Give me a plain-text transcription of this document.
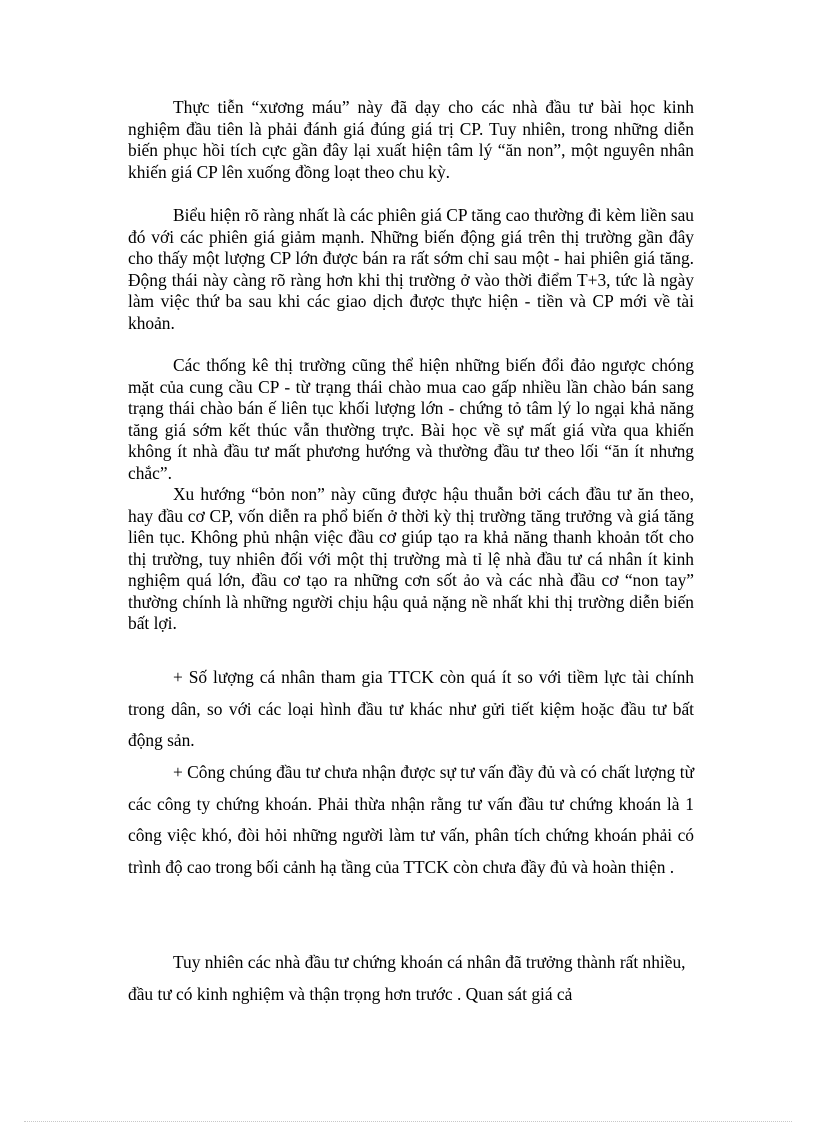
Thực tiễn “xương máu” này đã dạy cho các nhà đầu tư bài học kinh nghiệm đầu tiên là phải đánh giá đúng giá trị CP. Tuy nhiên, trong những diễn biến phục hồi tích cực gần đây lại xuất hiện tâm lý “ăn non”, một nguyên nhân khiến giá CP lên xuống đồng loạt theo chu kỳ.

Biểu hiện rõ ràng nhất là các phiên giá CP tăng cao thường đi kèm liền sau đó với các phiên giá giảm mạnh. Những biến động giá trên thị trường gần đây cho thấy một lượng CP lớn được bán ra rất sớm chỉ sau một - hai phiên giá tăng. Động thái này càng rõ ràng hơn khi thị trường ở vào thời điểm T+3, tức là ngày làm việc thứ ba sau khi các giao dịch được thực hiện - tiền và CP mới về tài khoản.

Các thống kê thị trường cũng thể hiện những biến đổi đảo ngược chóng mặt của cung cầu CP - từ trạng thái chào mua cao gấp nhiều lần chào bán sang trạng thái chào bán ế liên tục khối lượng lớn - chứng tỏ tâm lý lo ngại khả năng tăng giá sớm kết thúc vẫn thường trực. Bài học về sự mất giá vừa qua khiến không ít nhà đầu tư mất phương hướng và thường đầu tư theo lối “ăn ít nhưng chắc”.

Xu hướng “bỏn non” này cũng được hậu thuẫn bởi cách đầu tư ăn theo, hay đầu cơ CP, vốn diễn ra phổ biến ở thời kỳ thị trường tăng trưởng và giá tăng liên tục. Không phủ nhận việc đầu cơ giúp tạo ra khả năng thanh khoản tốt cho thị trường, tuy nhiên đối với một thị trường mà tỉ lệ nhà đầu tư cá nhân ít kinh nghiệm quá lớn, đầu cơ tạo ra những cơn sốt ảo và các nhà đầu cơ “non tay” thường chính là những người chịu hậu quả nặng nề nhất khi thị trường diễn biến bất lợi.

+ Số lượng cá nhân tham gia TTCK còn quá ít so với tiềm lực tài chính trong dân, so với các loại hình đầu tư khác như gửi tiết kiệm hoặc đầu tư bất động sản.

+ Công chúng đầu tư chưa nhận được sự tư vấn đầy đủ và có chất lượng từ các công ty chứng khoán. Phải thừa nhận rằng tư vấn đầu tư chứng khoán là 1 công việc khó, đòi hỏi những người làm tư vấn, phân tích chứng khoán phải có trình độ cao trong bối cảnh hạ tầng của TTCK còn chưa đầy đủ và hoàn thiện .

Tuy nhiên các nhà đầu tư chứng khoán cá nhân đã trưởng thành rất nhiều, đầu tư có kinh nghiệm và thận trọng hơn trước . Quan sát giá cả
